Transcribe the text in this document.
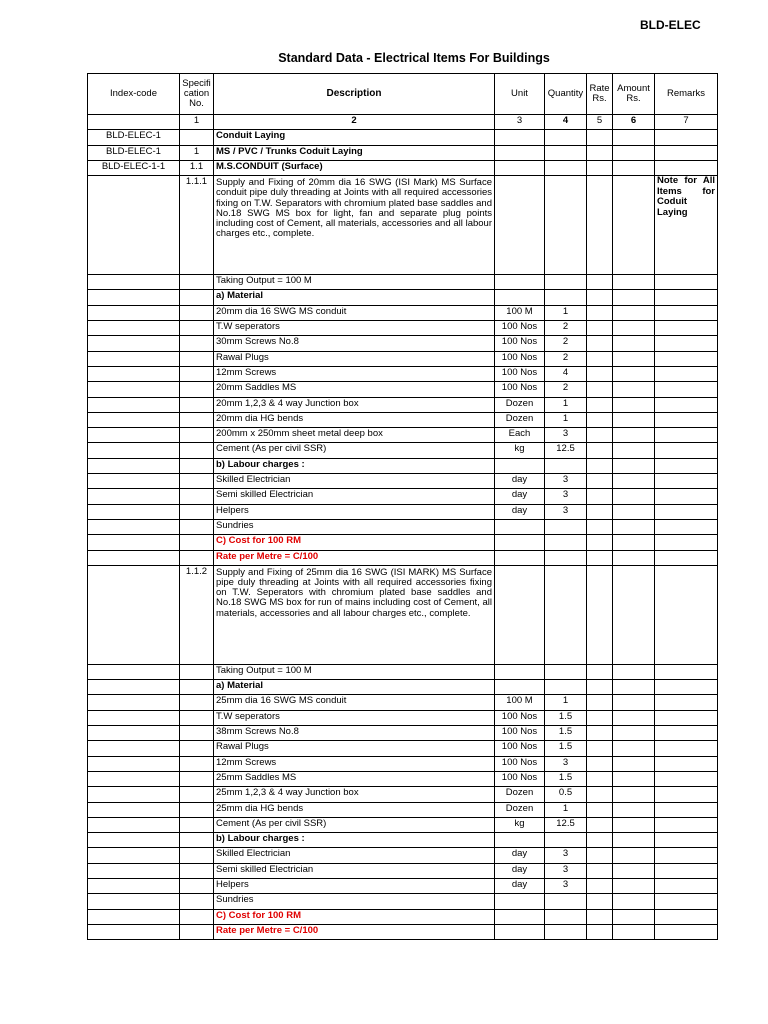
BLD-ELEC
Standard Data - Electrical Items For Buildings
Index-code	Specifi cation No.	Description	Unit	Quantity	Rate Rs.	Amount Rs.	Remarks
	1	2	3	4	5	6	7
BLD-ELEC-1		Conduit Laying					
BLD-ELEC-1	1	MS / PVC / Trunks Coduit Laying					
BLD-ELEC-1-1	1.1	M.S.CONDUIT (Surface)					
	1.1.1	Supply and Fixing of 20mm dia 16 SWG (ISI Mark) MS Surface conduit pipe duly threading at Joints with all required accessories fixing on T.W. Separators with chromium plated base saddles and No.18 SWG MS box for light, fan and separate plug points including cost of Cement, all materials, accessories and all labour charges etc., complete.					Note for All Items for Coduit Laying
		Taking Output = 100 M					
		a) Material					
		20mm dia 16 SWG MS conduit	100 M	1			
		T.W seperators	100 Nos	2			
		30mm Screws No.8	100 Nos	2			
		Rawal Plugs	100 Nos	2			
		12mm Screws	100 Nos	4			
		20mm Saddles MS	100 Nos	2			
		20mm 1,2,3 & 4 way Junction box	Dozen	1			
		20mm dia HG bends	Dozen	1			
		200mm x 250mm sheet metal deep box	Each	3			
		Cement (As per civil SSR)	kg	12.5			
		b) Labour charges :					
		Skilled Electrician	day	3			
		Semi skilled Electrician	day	3			
		Helpers	day	3			
		Sundries					
		C) Cost for 100 RM					
		Rate per Metre = C/100					
	1.1.2	Supply and Fixing of 25mm dia 16 SWG (ISI MARK) MS Surface pipe duly threading at Joints with all required accessories fixing on T.W. Seperators with chromium plated base saddles and No.18 SWG MS box for run of mains including cost of Cement, all materials, accessories and all labour charges etc., complete.					
		Taking Output = 100 M					
		a) Material					
		25mm dia 16 SWG MS conduit	100 M	1			
		T.W seperators	100 Nos	1.5			
		38mm Screws No.8	100 Nos	1.5			
		Rawal Plugs	100 Nos	1.5			
		12mm Screws	100 Nos	3			
		25mm Saddles MS	100 Nos	1.5			
		25mm 1,2,3 & 4 way Junction box	Dozen	0.5			
		25mm dia HG bends	Dozen	1			
		Cement (As per civil SSR)	kg	12.5			
		b) Labour charges :					
		Skilled Electrician	day	3			
		Semi skilled Electrician	day	3			
		Helpers	day	3			
		Sundries					
		C) Cost for 100 RM					
		Rate per Metre = C/100					
